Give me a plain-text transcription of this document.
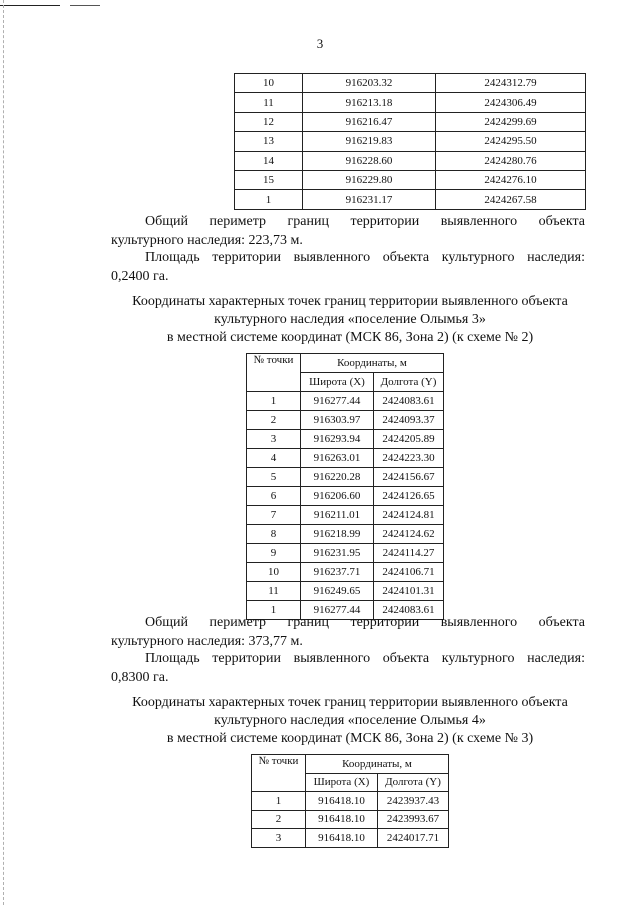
3
10	916203.32	2424312.79
11	916213.18	2424306.49
12	916216.47	2424299.69
13	916219.83	2424295.50
14	916228.60	2424280.76
15	916229.80	2424276.10
1	916231.17	2424267.58

Общий периметр границ территории выявленного объекта

культурного наследия: 223,73 м.

Площадь территории выявленного объекта культурного наследия:

0,2400 га.

Координаты характерных точек границ территории выявленного объекта

культурного наследия «поселение Олымья 3»

в местной системе координат (МСК 86, Зона 2) (к схеме № 2)

№ точки	Координаты, м	
	Широта (X)	Долгота (Y)
1	916277.44	2424083.61
2	916303.97	2424093.37
3	916293.94	2424205.89
4	916263.01	2424223.30
5	916220.28	2424156.67
6	916206.60	2424126.65
7	916211.01	2424124.81
8	916218.99	2424124.62
9	916231.95	2424114.27
10	916237.71	2424106.71
11	916249.65	2424101.31
1	916277.44	2424083.61

Общий периметр границ территории выявленного объекта

культурного наследия: 373,77 м.

Площадь территории выявленного объекта культурного наследия:

0,8300 га.

Координаты характерных точек границ территории выявленного объекта

культурного наследия «поселение Олымья 4»

в местной системе координат (МСК 86, Зона 2) (к схеме № 3)

№ точки	Координаты, м	
	Широта (X)	Долгота (Y)
1	916418.10	2423937.43
2	916418.10	2423993.67
3	916418.10	2424017.71
